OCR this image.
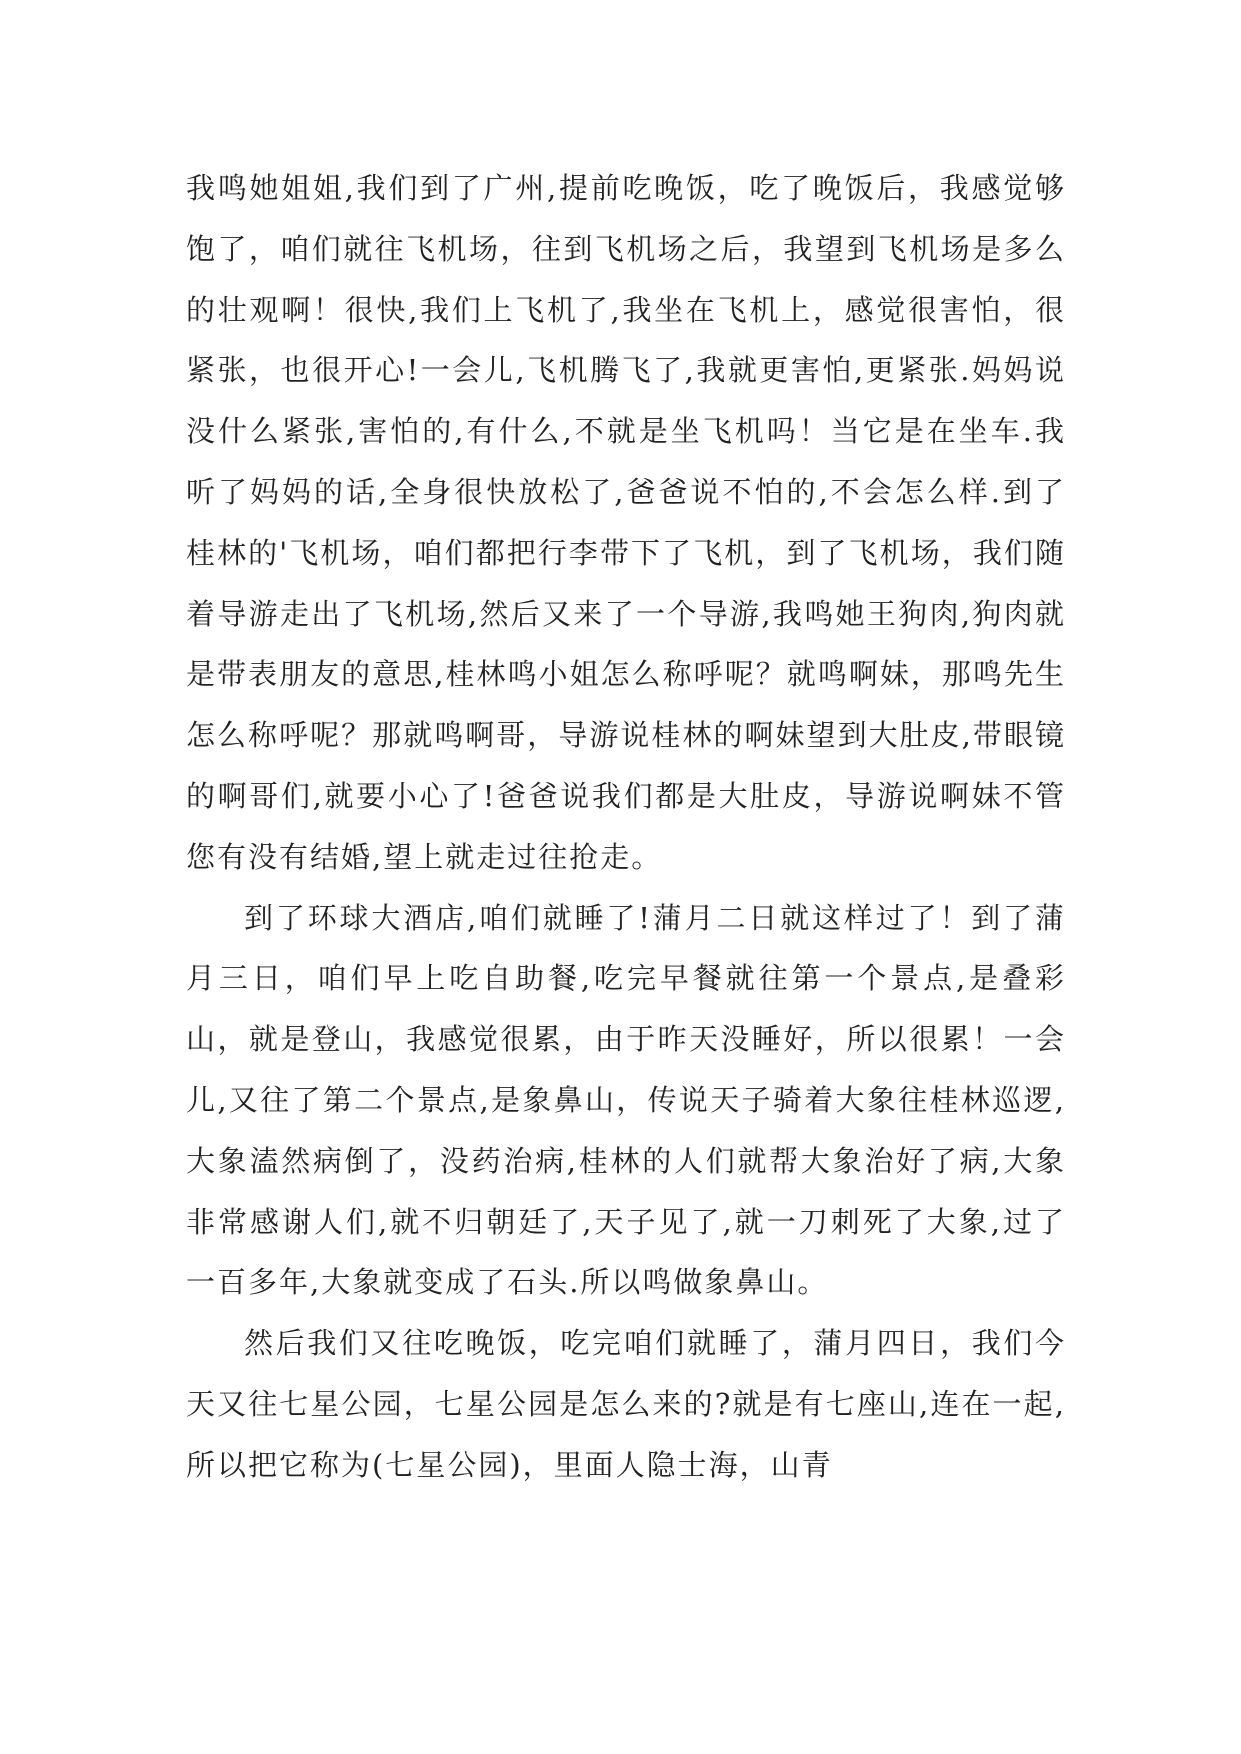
我鸣她姐姐,我们到了广州,提前吃晚饭，吃了晚饭后，我感觉够饱了，咱们就往飞机场，往到飞机场之后，我望到飞机场是多么的壮观啊！很快,我们上飞机了,我坐在飞机上，感觉很害怕，很紧张，也很开心!一会儿,飞机腾飞了,我就更害怕,更紧张.妈妈说没什么紧张,害怕的,有什么,不就是坐飞机吗！当它是在坐车.我听了妈妈的话,全身很快放松了,爸爸说不怕的,不会怎么样.到了桂林的'飞机场，咱们都把行李带下了飞机，到了飞机场，我们随着导游走出了飞机场,然后又来了一个导游,我鸣她王狗肉,狗肉就是带表朋友的意思,桂林鸣小姐怎么称呼呢？就鸣啊妹，那鸣先生怎么称呼呢？那就鸣啊哥，导游说桂林的啊妹望到大肚皮,带眼镜的啊哥们,就要小心了!爸爸说我们都是大肚皮，导游说啊妹不管您有没有结婚,望上就走过往抢走。

到了环球大酒店,咱们就睡了!蒲月二日就这样过了！到了蒲月三日，咱们早上吃自助餐,吃完早餐就往第一个景点,是叠彩山，就是登山，我感觉很累，由于昨天没睡好，所以很累！一会儿,又往了第二个景点,是象鼻山，传说天子骑着大象往桂林巡逻,大象溘然病倒了，没药治病,桂林的人们就帮大象治好了病,大象非常感谢人们,就不归朝廷了,天子见了,就一刀刺死了大象,过了一百多年,大象就变成了石头.所以鸣做象鼻山。

然后我们又往吃晚饭，吃完咱们就睡了，蒲月四日，我们今天又往七星公园，七星公园是怎么来的?就是有七座山,连在一起,所以把它称为(七星公园)，里面人隐士海，山青
